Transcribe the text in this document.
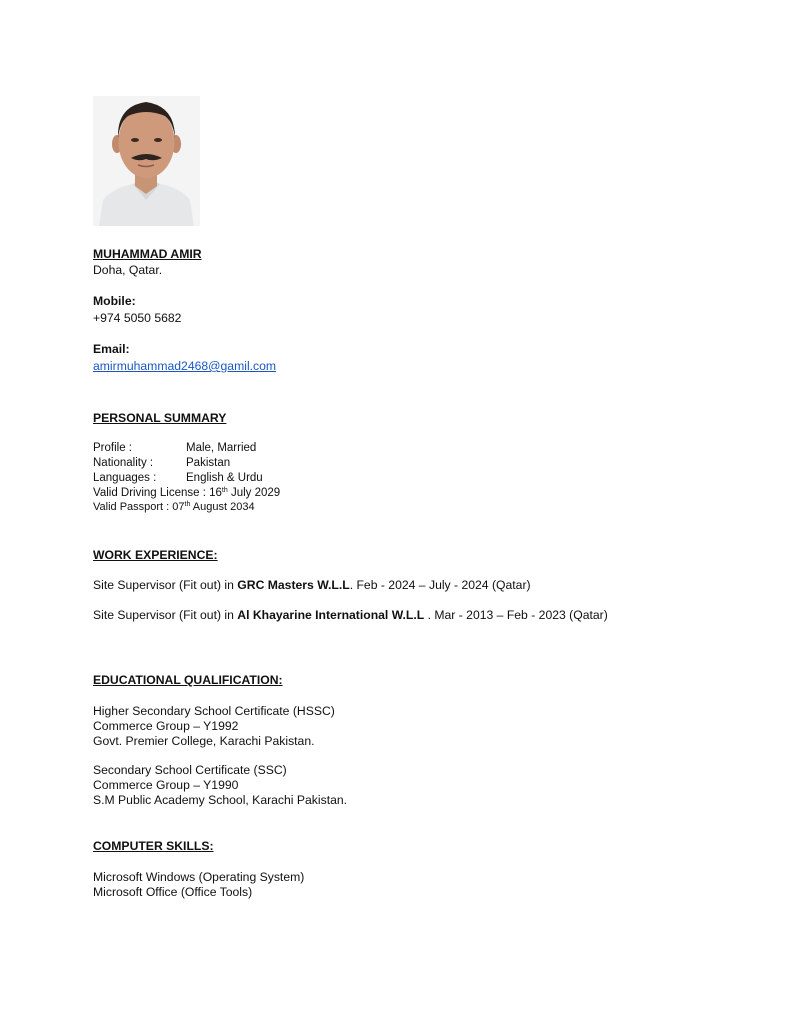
MUHAMMAD AMIR
Doha, Qatar.
Mobile:
+974 5050 5682
Email:
amirmuhammad2468@gamil.com
PERSONAL SUMMARY
Profile :	Male, Married
Nationality :	Pakistan
Languages :	English & Urdu
Valid Driving License : 16th July 2029
Valid Passport : 07th August 2034
WORK EXPERIENCE:
Site Supervisor (Fit out) in GRC Masters W.L.L. Feb - 2024 – July - 2024 (Qatar)
Site Supervisor (Fit out) in Al Khayarine International W.L.L . Mar - 2013 – Feb - 2023 (Qatar)
EDUCATIONAL QUALIFICATION:
Higher Secondary School Certificate (HSSC)
Commerce Group – Y1992
Govt. Premier College, Karachi Pakistan.
Secondary School Certificate (SSC)
Commerce Group – Y1990
S.M Public Academy School, Karachi Pakistan.
COMPUTER SKILLS:
Microsoft Windows (Operating System)
Microsoft Office (Office Tools)
